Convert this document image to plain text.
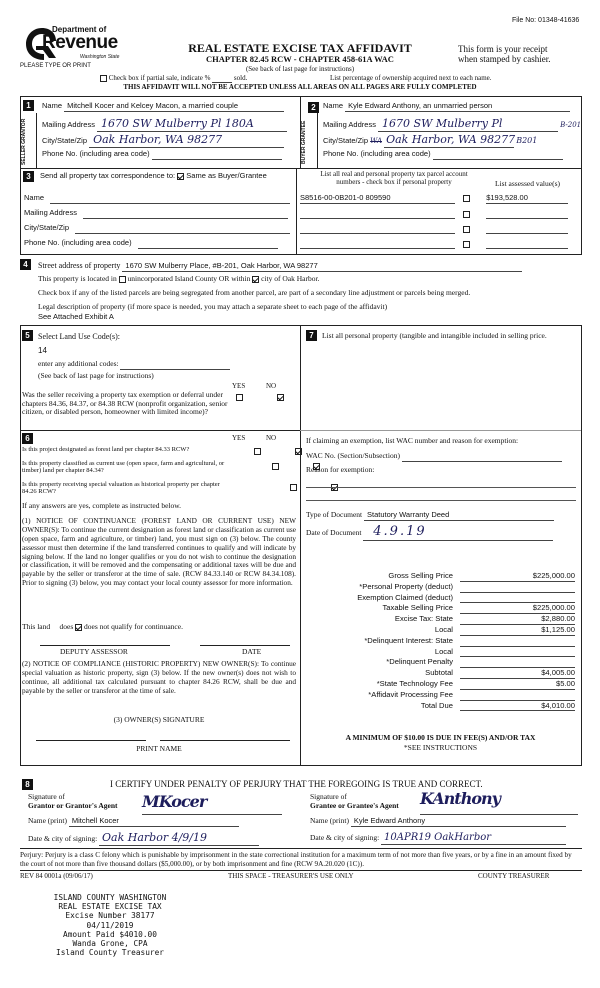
File No: 01348-41636
Department of
Revenue
Washington State
PLEASE TYPE OR PRINT
REAL ESTATE EXCISE TAX AFFIDAVIT
CHAPTER 82.45 RCW - CHAPTER 458-61A WAC
(See back of last page for instructions)
This form is your receipt
when stamped by cashier.
Check box if partial sale, indicate %	sold.	List percentage of ownership acquired next to each name.
THIS AFFIDAVIT WILL NOT BE ACCEPTED UNLESS ALL AREAS ON ALL PAGES ARE FULLY COMPLETED
1
SELLER GRANTOR
Name Mitchell Kocer and Kelcey Macon, a married couple
Mailing Address 1670 SW Mulberry Pl 180A
City/State/Zip Oak Harbor, WA 98277
Phone No. (including area code)
2
BUYER GRANTEE
Name Kyle Edward Anthony, an unmarried person
Mailing Address 1670 SW Mulberry Pl	B-201
City/State/Zip WA Oak Harbor, WA 98277 B201
Phone No. (including area code)
3	Send all property tax correspondence to: Same as Buyer/Grantee
Name
Mailing Address
City/State/Zip
Phone No. (including area code)
List all real and personal property tax parcel account
numbers - check box if personal property	List assessed value(s)
S8516-00-0B201-0 809590	$193,528.00

4	Street address of property 1670 SW Mulberry Place, #B-201, Oak Harbor, WA 98277
This property is located in unincorporated Island County OR within city of Oak Harbor.
Check box if any of the listed parcels are being segregated from another parcel, are part of a secondary line adjustment or parcels being merged.
Legal description of property (if more space is needed, you may attach a separate sheet to each page of the affidavit)
See Attached Exhibit A
5	Select Land Use Code(s):
14
enter any additional codes:
(See back of last page for instructions)
YES	NO
Was the seller receiving a property tax exemption or deferral under chapters 84.36, 84.37, or 84.38 RCW (nonprofit organization, senior citizen, or disabled person, homeowner with limited income)?

6	YES	NO
Is this project designated as forest land per chapter 84.33 RCW?

Is this property classified as current use (open space, farm and agricultural, or timber) land per chapter 84.34?

Is this property receiving special valuation as historical property per chapter 84.26 RCW?

If any answers are yes, complete as instructed below.
(1) NOTICE OF CONTINUANCE (FOREST LAND OR CURRENT USE) NEW OWNER(S): To continue the current designation as forest land or classification as current use (open space, farm and agriculture, or timber) land, you must sign on (3) below. The county assessor must then determine if the land transferred continues to qualify and will indicate by signing below. If the land no longer qualifies or you do not wish to continue the designation or classification, it will be removed and the compensating or additional taxes will be due and payable by the seller or transferor at the time of sale. (RCW 84.33.140 or RCW 84.34.108). Prior to signing (3) below, you may contact your local county assessor for more information.
This land does does not qualify for continuance.
DEPUTY ASSESSOR	DATE
(2) NOTICE OF COMPLIANCE (HISTORIC PROPERTY) NEW OWNER(S): To continue special valuation as historic property, sign (3) below. If the new owner(s) does not wish to continue, all additional tax calculated pursuant to chapter 84.26 RCW, shall be due and payable by the seller or transferor at the time of sale.
(3) OWNER(S) SIGNATURE
PRINT NAME
7	List all personal property (tangible and intangible included in selling price.
If claiming an exemption, list WAC number and reason for exemption:
WAC No. (Section/Subsection)
Reason for exemption:
Type of Document Statutory Warranty Deed
Date of Document 4.9.19
Gross Selling Price	$225,000.00
*Personal Property (deduct)
Exemption Claimed (deduct)
Taxable Selling Price	$225,000.00
Excise Tax: State	$2,880.00
Local	$1,125.00
*Delinquent Interest: State
Local
*Delinquent Penalty
Subtotal	$4,005.00
*State Technology Fee	$5.00
*Affidavit Processing Fee
Total Due	$4,010.00
A MINIMUM OF $10.00 IS DUE IN FEE(S) AND/OR TAX
*SEE INSTRUCTIONS
8	I CERTIFY UNDER PENALTY OF PERJURY THAT THE FOREGOING IS TRUE AND CORRECT.
Signature of
Grantor or Grantor's Agent MKocer
Name (print) Mitchell Kocer
Date & city of signing: Oak Harbor 4/9/19
Signature of
Grantee or Grantee's Agent KAnthony
Name (print) Kyle Edward Anthony
Date & city of signing: 10APR19 OakHarbor
Perjury: Perjury is a class C felony which is punishable by imprisonment in the state correctional institution for a maximum term of not more than five years, or by a fine in an amount fixed by the court of not more than five thousand dollars ($5,000.00), or by both imprisonment and fine (RCW 9A.20.020 (1C)).
REV 84 0001a (09/06/17)	THIS SPACE - TREASURER'S USE ONLY	COUNTY TREASURER
ISLAND COUNTY WASHINGTON
REAL ESTATE EXCISE TAX
Excise Number 38177
04/11/2019
Amount Paid $4010.00
Wanda Grone, CPA
Island County Treasurer
